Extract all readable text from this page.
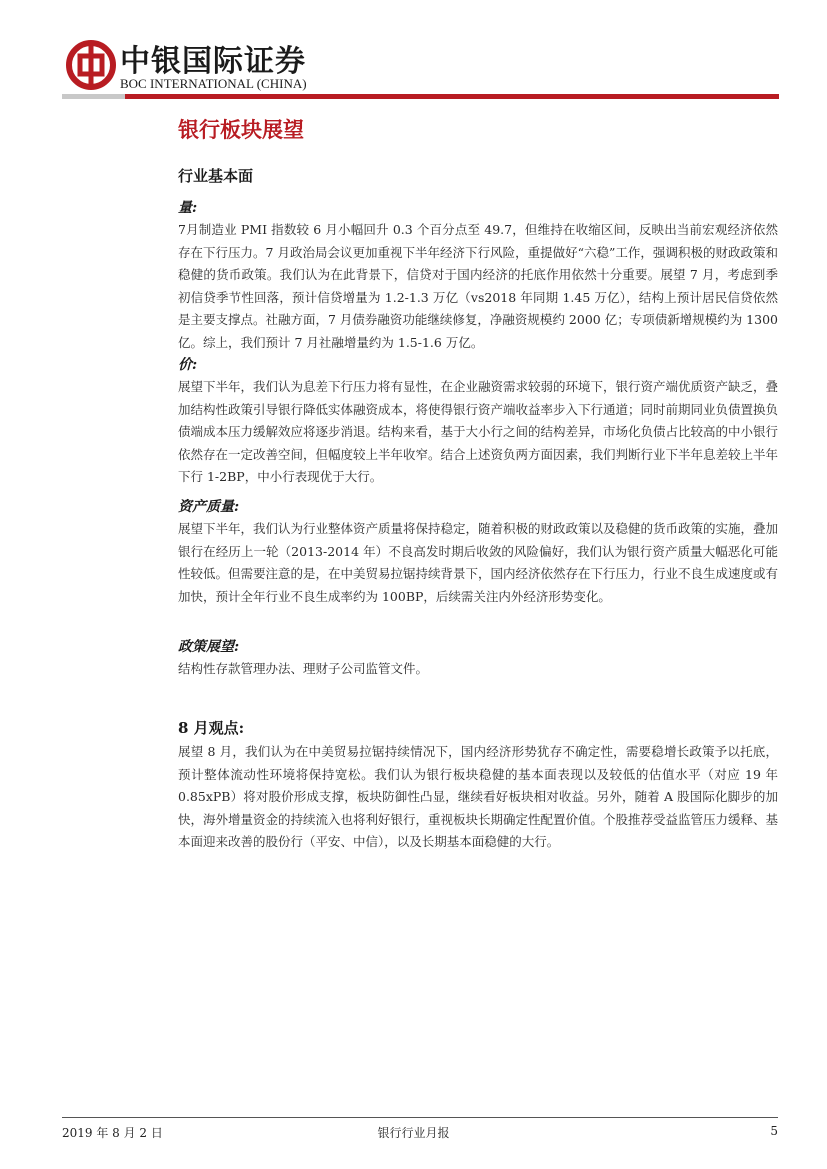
中银国际证券
BOC INTERNATIONAL (CHINA)
银行板块展望
行业基本面
量:
7月制造业 PMI 指数较 6 月小幅回升 0.3 个百分点至 49.7，但维持在收缩区间，反映出当前宏观经济依然存在下行压力。7 月政治局会议更加重视下半年经济下行风险，重提做好“六稳”工作，强调积极的财政政策和稳健的货币政策。我们认为在此背景下，信贷对于国内经济的托底作用依然十分重要。展望 7 月，考虑到季初信贷季节性回落，预计信贷增量为 1.2-1.3 万亿（vs2018 年同期 1.45 万亿），结构上预计居民信贷依然是主要支撑点。社融方面，7 月债券融资功能继续修复，净融资规模约 2000 亿；专项债新增规模约为 1300 亿。综上，我们预计 7 月社融增量约为 1.5-1.6 万亿。
价:
展望下半年，我们认为息差下行压力将有显性，在企业融资需求较弱的环境下，银行资产端优质资产缺乏，叠加结构性政策引导银行降低实体融资成本，将使得银行资产端收益率步入下行通道；同时前期同业负债置换负债端成本压力缓解效应将逐步消退。结构来看，基于大小行之间的结构差异，市场化负债占比较高的中小银行依然存在一定改善空间，但幅度较上半年收窄。结合上述资负两方面因素，我们判断行业下半年息差较上半年下行 1-2BP，中小行表现优于大行。
资产质量:
展望下半年，我们认为行业整体资产质量将保持稳定，随着积极的财政政策以及稳健的货币政策的实施，叠加银行在经历上一轮（2013-2014 年）不良高发时期后收敛的风险偏好，我们认为银行资产质量大幅恶化可能性较低。但需要注意的是，在中美贸易拉锯持续背景下，国内经济依然存在下行压力，行业不良生成速度或有加快，预计全年行业不良生成率约为 100BP，后续需关注内外经济形势变化。
政策展望:
结构性存款管理办法、理财子公司监管文件。
8 月观点:
展望 8 月，我们认为在中美贸易拉锯持续情况下，国内经济形势犹存不确定性，需要稳增长政策予以托底，预计整体流动性环境将保持宽松。我们认为银行板块稳健的基本面表现以及较低的估值水平（对应 19 年 0.85xPB）将对股价形成支撑，板块防御性凸显，继续看好板块相对收益。另外，随着 A 股国际化脚步的加快，海外增量资金的持续流入也将利好银行，重视板块长期确定性配置价值。个股推荐受益监管压力缓释、基本面迎来改善的股份行（平安、中信），以及长期基本面稳健的大行。
2019 年 8 月 2 日	银行行业月报	5
